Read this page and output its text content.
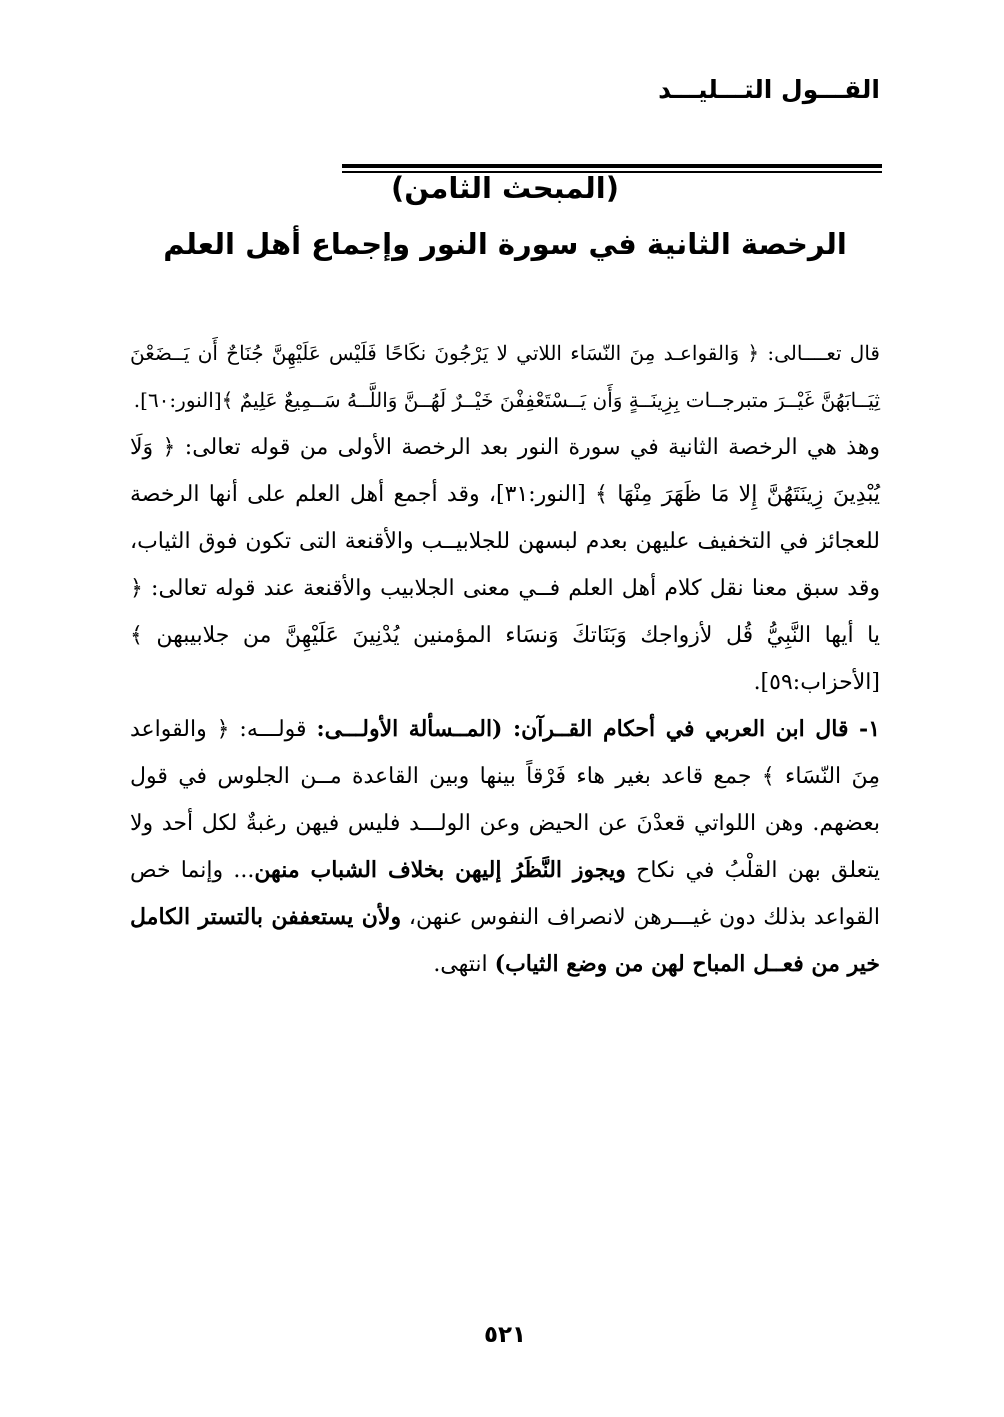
القـــول التـــليـــد
(المبحث الثامن)
الرخصة الثانية في سورة النور وإجماع أهل العلم

قال تعــــالى: ﴿ وَالقواعـد مِنَ النّسَاء اللاتي لا يَرْجُونَ نكَاحًا فَلَيْس عَلَيْهِنَّ جُنَاحٌ أَن يَــضَعْنَ ثِيَــابَهُنَّ غَيْــرَ متبرجــات بِزِينَــةٍ وَأَن يَــسْتَعْفِفْنَ خَيْــرٌ لَهُــنَّ وَاللَّــهُ سَــمِيعٌ عَلِيمٌ ﴾[النور:٦٠].

وهذ هي الرخصة الثانية في سورة النور بعد الرخصة الأولى من قوله تعالى: ﴿ وَلَا يُبْدِينَ زِينَتَهُنَّ إِلا مَا ظَهَرَ مِنْهَا ﴾ [النور:٣١]، وقد أجمع أهل العلم على أنها الرخصة للعجائز في التخفيف عليهن بعدم لبسهن للجلابيــب والأقنعة التى تكون فوق الثياب، وقد سبق معنا نقل كلام أهل العلم فــي معنى الجلابيب والأقنعة عند قوله تعالى: ﴿ يا أيها النَّبِيُّ قُل لأزواجك وَبَنَاتكَ وَنسَاء المؤمنين يُدْنِينَ عَلَيْهِنَّ من جلابيبهن ﴾ [الأحزاب:٥٩].

١- قال ابن العربي في أحكام القــرآن: (المــسألة الأولـــى: قولـــه: ﴿ والقواعد مِنَ النّسَاء ﴾ جمع قاعد بغير هاء فَرْقاً بينها وبين القاعدة مــن الجلوس في قول بعضهم. وهن اللواتي قعدْنَ عن الحيض وعن الولـــد فليس فيهن رغبةٌ لكل أحد ولا يتعلق بهن القلْبُ في نكاح ويجوز النَّظَرُ إليهن بخلاف الشباب منهن... وإنما خص القواعد بذلك دون غيـــرهن لانصراف النفوس عنهن، ولأن يستعففن بالتستر الكامل خير من فعــل المباح لهن من وضع الثياب) انتهى.

٥٢١
